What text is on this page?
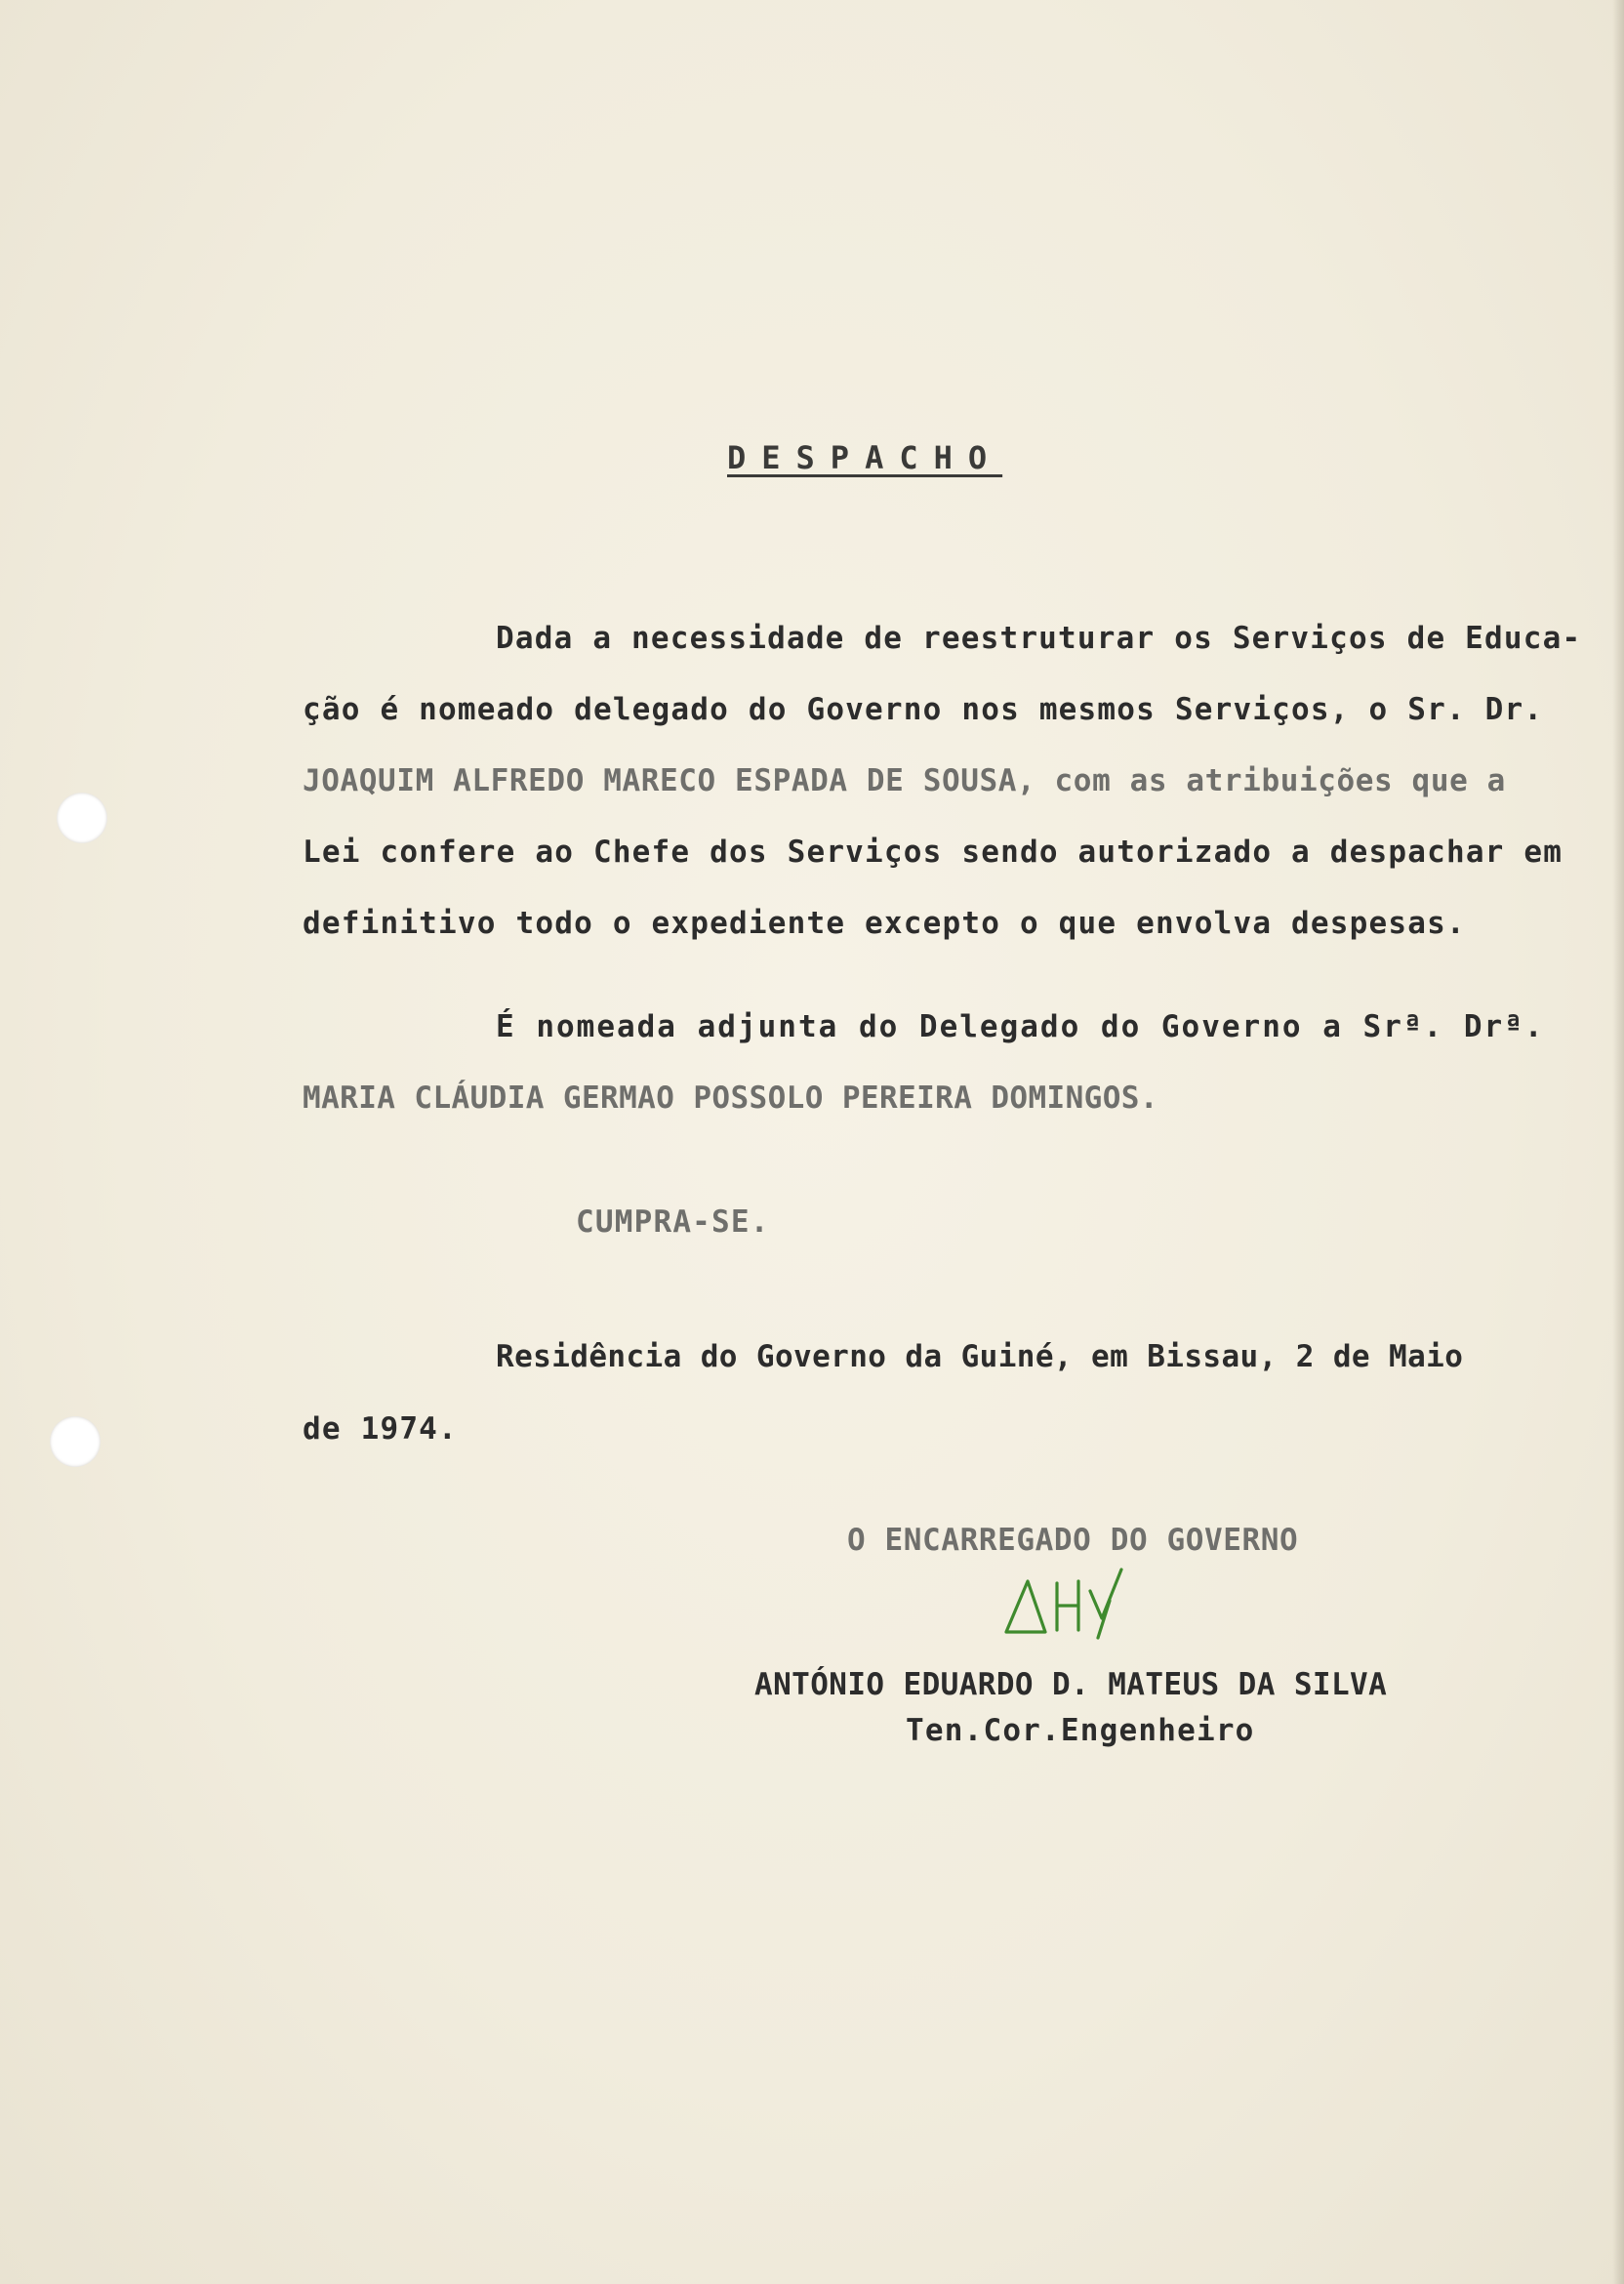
DESPACHO
Dada a necessidade de reestruturar os Serviços de Educa-
ção é nomeado delegado do Governo nos mesmos Serviços, o Sr. Dr.
JOAQUIM ALFREDO MARECO ESPADA DE SOUSA, com as atribuições que a
Lei confere ao Chefe dos Serviços sendo autorizado a despachar em
definitivo todo o expediente excepto o que envolva despesas.
É nomeada adjunta do Delegado do Governo a Srª. Drª.
MARIA CLÁUDIA GERMAO POSSOLO PEREIRA DOMINGOS.
CUMPRA-SE.
Residência do Governo da Guiné, em Bissau, 2 de Maio
de 1974.
O ENCARREGADO DO GOVERNO
ANTÓNIO EDUARDO D. MATEUS DA SILVA
Ten.Cor.Engenheiro
